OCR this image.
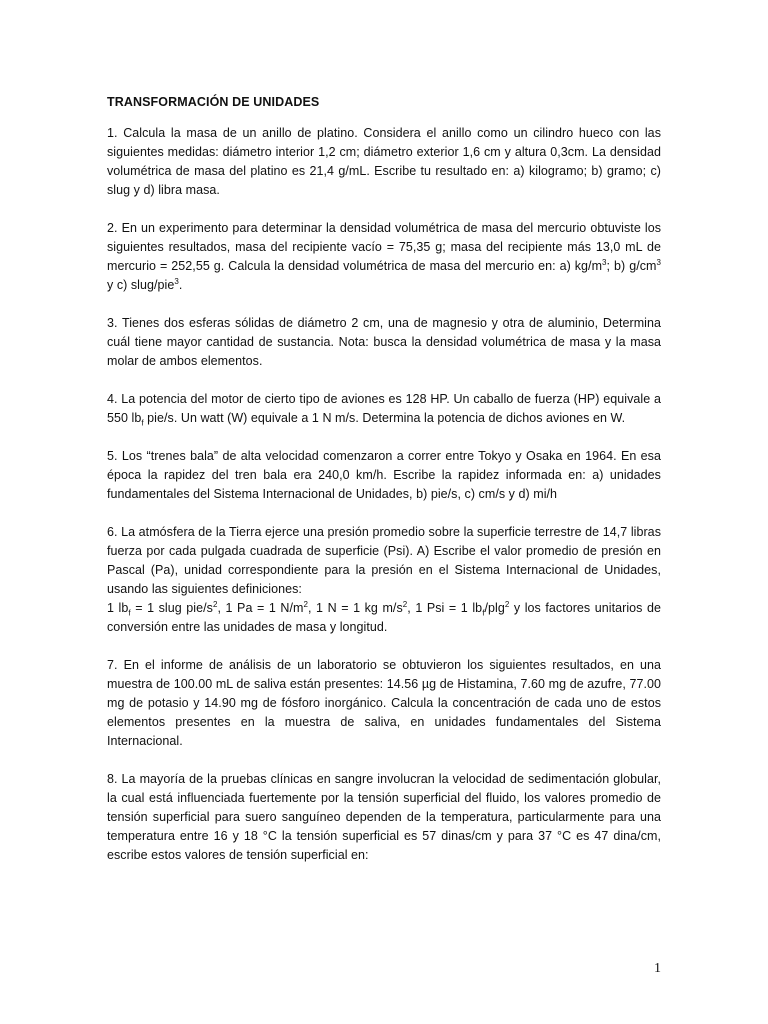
TRANSFORMACIÓN DE UNIDADES

1. Calcula la masa de un anillo de platino. Considera el anillo como un cilindro hueco con las siguientes medidas: diámetro interior 1,2 cm; diámetro exterior 1,6 cm y altura 0,3cm. La densidad volumétrica de masa del platino es 21,4 g/mL. Escribe tu resultado en: a) kilogramo; b) gramo; c) slug y d) libra masa.

2. En un experimento para determinar la densidad volumétrica de masa del mercurio obtuviste los siguientes resultados, masa del recipiente vacío = 75,35 g; masa del recipiente más 13,0 mL de mercurio = 252,55 g. Calcula la densidad volumétrica de masa del mercurio en: a) $kg/m^3$; b) $g/cm^3$ y c) slug/pie$^3$.

3. Tienes dos esferas sólidas de diámetro 2 cm, una de magnesio y otra de aluminio, Determina cuál tiene mayor cantidad de sustancia. Nota: busca la densidad volumétrica de masa y la masa molar de ambos elementos.

4. La potencia del motor de cierto tipo de aviones es 128 HP. Un caballo de fuerza (HP) equivale a 550 $lb_f$ pie/s. Un watt (W) equivale a 1 N m/s. Determina la potencia de dichos aviones en W.

5. Los “trenes bala” de alta velocidad comenzaron a correr entre Tokyo y Osaka en 1964. En esa época la rapidez del tren bala era 240,0 km/h. Escribe la rapidez informada en: a) unidades fundamentales del Sistema Internacional de Unidades, b) pie/s, c) cm/s y d) mi/h

6. La atmósfera de la Tierra ejerce una presión promedio sobre la superficie terrestre de 14,7 libras fuerza por cada pulgada cuadrada de superficie (Psi). A) Escribe el valor promedio de presión en Pascal (Pa), unidad correspondiente para la presión en el Sistema Internacional de Unidades, usando las siguientes definiciones:
1 $lb_f = 1$ slug pie/$s^2$, 1 Pa = 1 $N/m^2$, 1 N = 1 kg $m/s^2$, 1 Psi = 1 $lb_f/plg^2$ y los factores unitarios de conversión entre las unidades de masa y longitud.

7. En el informe de análisis de un laboratorio se obtuvieron los siguientes resultados, en una muestra de 100.00 mL de saliva están presentes: 14.56 µg de Histamina, 7.60 mg de azufre, 77.00 mg de potasio y 14.90 mg de fósforo inorgánico. Calcula la concentración de cada uno de estos elementos presentes en la muestra de saliva, en unidades fundamentales del Sistema Internacional.

8. La mayoría de la pruebas clínicas en sangre involucran la velocidad de sedimentación globular, la cual está influenciada fuertemente por la tensión superficial del fluido, los valores promedio de tensión superficial para suero sanguíneo dependen de la temperatura, particularmente para una temperatura entre 16 y 18 °C la tensión superficial es 57 dinas/cm y para 37 °C es 47 dina/cm, escribe estos valores de tensión superficial en:

1
